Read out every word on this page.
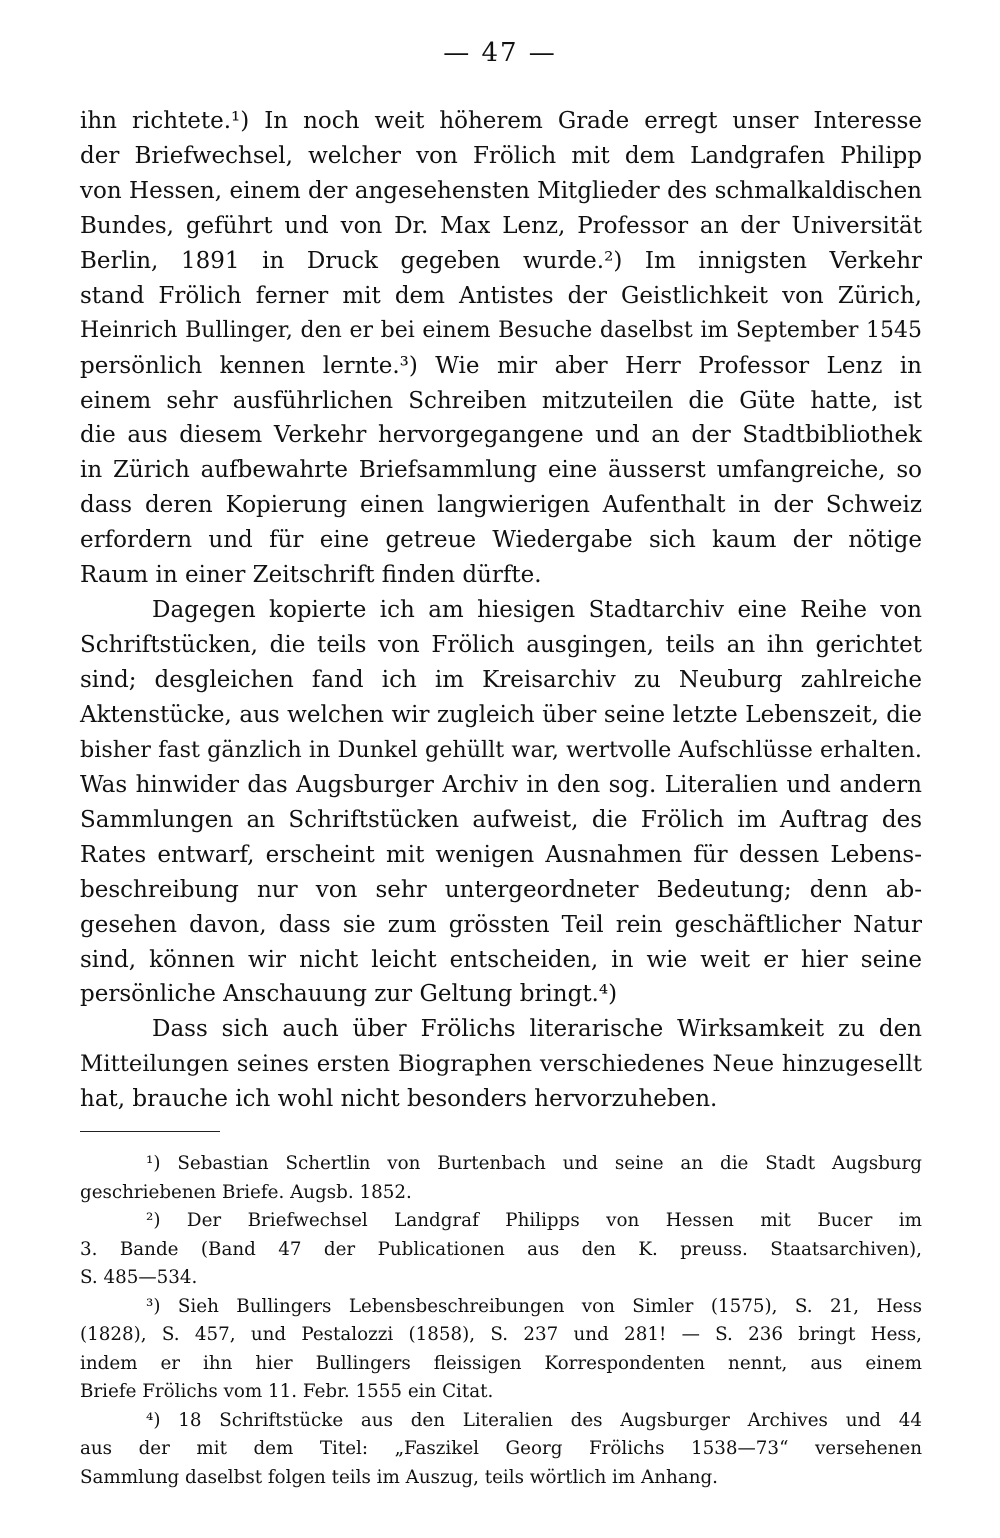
— 47 —
ihn richtete.¹) In noch weit höherem Grade erregt unser Interesse
der Briefwechsel, welcher von Frölich mit dem Landgrafen Philipp
von Hessen, einem der angesehensten Mitglieder des schmalkaldischen
Bundes, geführt und von Dr. Max Lenz, Professor an der Universität
Berlin, 1891 in Druck gegeben wurde.²) Im innigsten Verkehr
stand Frölich ferner mit dem Antistes der Geistlichkeit von Zürich,
Heinrich Bullinger, den er bei einem Besuche daselbst im September 1545
persönlich kennen lernte.³) Wie mir aber Herr Professor Lenz in
einem sehr ausführlichen Schreiben mitzuteilen die Güte hatte, ist
die aus diesem Verkehr hervorgegangene und an der Stadtbibliothek
in Zürich aufbewahrte Briefsammlung eine äusserst umfangreiche, so
dass deren Kopierung einen langwierigen Aufenthalt in der Schweiz
erfordern und für eine getreue Wiedergabe sich kaum der nötige
Raum in einer Zeitschrift finden dürfte.
Dagegen kopierte ich am hiesigen Stadtarchiv eine Reihe von
Schriftstücken, die teils von Frölich ausgingen, teils an ihn gerichtet
sind; desgleichen fand ich im Kreisarchiv zu Neuburg zahlreiche
Aktenstücke, aus welchen wir zugleich über seine letzte Lebenszeit, die
bisher fast gänzlich in Dunkel gehüllt war, wertvolle Aufschlüsse erhalten.
Was hinwider das Augsburger Archiv in den sog. Literalien und andern
Sammlungen an Schriftstücken aufweist, die Frölich im Auftrag des
Rates entwarf, erscheint mit wenigen Ausnahmen für dessen Lebens-
beschreibung nur von sehr untergeordneter Bedeutung; denn ab-
gesehen davon, dass sie zum grössten Teil rein geschäftlicher Natur
sind, können wir nicht leicht entscheiden, in wie weit er hier seine
persönliche Anschauung zur Geltung bringt.⁴)
Dass sich auch über Frölichs literarische Wirksamkeit zu den
Mitteilungen seines ersten Biographen verschiedenes Neue hinzugesellt
hat, brauche ich wohl nicht besonders hervorzuheben.
¹) Sebastian Schertlin von Burtenbach und seine an die Stadt Augsburg
geschriebenen Briefe. Augsb. 1852.
²) Der Briefwechsel Landgraf Philipps von Hessen mit Bucer im
3. Bande (Band 47 der Publicationen aus den K. preuss. Staatsarchiven),
S. 485—534.
³) Sieh Bullingers Lebensbeschreibungen von Simler (1575), S. 21, Hess
(1828), S. 457, und Pestalozzi (1858), S. 237 und 281! — S. 236 bringt Hess,
indem er ihn hier Bullingers fleissigen Korrespondenten nennt, aus einem
Briefe Frölichs vom 11. Febr. 1555 ein Citat.
⁴) 18 Schriftstücke aus den Literalien des Augsburger Archives und 44
aus der mit dem Titel: „Faszikel Georg Frölichs 1538—73“ versehenen
Sammlung daselbst folgen teils im Auszug, teils wörtlich im Anhang.
